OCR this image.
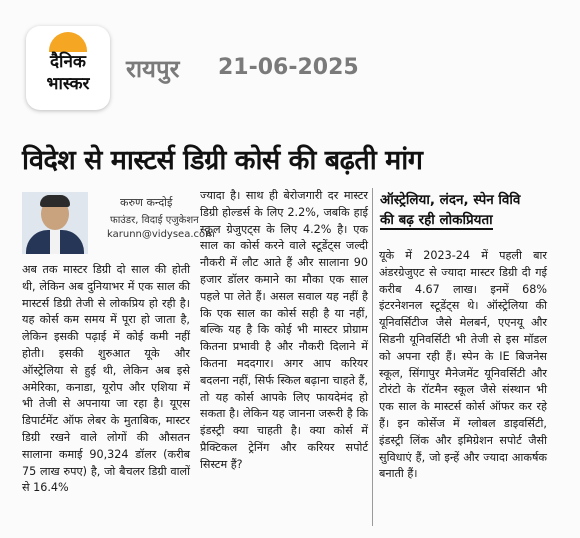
दैनिक
भास्कर
रायपुर 21-06-2025
विदेश से मास्टर्स डिग्री कोर्स की बढ़ती मांग
करुण कन्दोई
फाउंडर, विदाई एजुकेशन
karunn@vidysea.com

अब तक मास्टर डिग्री दो साल की होती थी, लेकिन अब दुनियाभर में एक साल की मास्टर्स डिग्री तेजी से लोकप्रिय हो रही है। यह कोर्स कम समय में पूरा हो जाता है, लेकिन इसकी पढ़ाई में कोई कमी नहीं होती। इसकी शुरुआत यूके और ऑस्ट्रेलिया से हुई थी, लेकिन अब इसे अमेरिका, कनाडा, यूरोप और एशिया में भी तेजी से अपनाया जा रहा है। यूएस डिपार्टमेंट ऑफ लेबर के मुताबिक, मास्टर डिग्री रखने वाले लोगों की औसतन सालाना कमाई 90,324 डॉलर (करीब 75 लाख रुपए) है, जो बैचलर डिग्री वालों से 16.4%

ज्यादा है। साथ ही बेरोजगारी दर मास्टर डिग्री होल्डर्स के लिए 2.2%, जबकि हाई स्कूल ग्रेजुएट्स के लिए 4.2% है। एक साल का कोर्स करने वाले स्टूडेंट्स जल्दी नौकरी में लौट आते हैं और सालाना 90 हजार डॉलर कमाने का मौका एक साल पहले पा लेते हैं। असल सवाल यह नहीं है कि एक साल का कोर्स सही है या नहीं, बल्कि यह है कि कोई भी मास्टर प्रोग्राम कितना प्रभावी है और नौकरी दिलाने में कितना मददगार। अगर आप करियर बदलना नहीं, सिर्फ स्किल बढ़ाना चाहते हैं, तो यह कोर्स आपके लिए फायदेमंद हो सकता है। लेकिन यह जानना जरूरी है कि इंडस्ट्री क्या चाहती है। क्या कोर्स में प्रैक्टिकल ट्रेनिंग और करियर सपोर्ट सिस्टम हैं?

ऑस्ट्रेलिया, लंदन, स्पेन विवि
की बढ़ रही लोकप्रियता

यूके में 2023-24 में पहली बार अंडरग्रेजुएट से ज्यादा मास्टर डिग्री दी गई करीब 4.67 लाख। इनमें 68% इंटरनेशनल स्टूडेंट्स थे। ऑस्ट्रेलिया की यूनिवर्सिटीज जैसे मेलबर्न, एएनयू और सिडनी यूनिवर्सिटी भी तेजी से इस मॉडल को अपना रही हैं। स्पेन के IE बिजनेस स्कूल, सिंगापुर मैनेजमेंट यूनिवर्सिटी और टोरंटो के रॉटमैन स्कूल जैसे संस्थान भी एक साल के मास्टर्स कोर्स ऑफर कर रहे हैं। इन कोर्सेज में ग्लोबल डाइवर्सिटी, इंडस्ट्री लिंक और इमिग्रेशन सपोर्ट जैसी सुविधाएं हैं, जो इन्हें और ज्यादा आकर्षक बनाती हैं।
